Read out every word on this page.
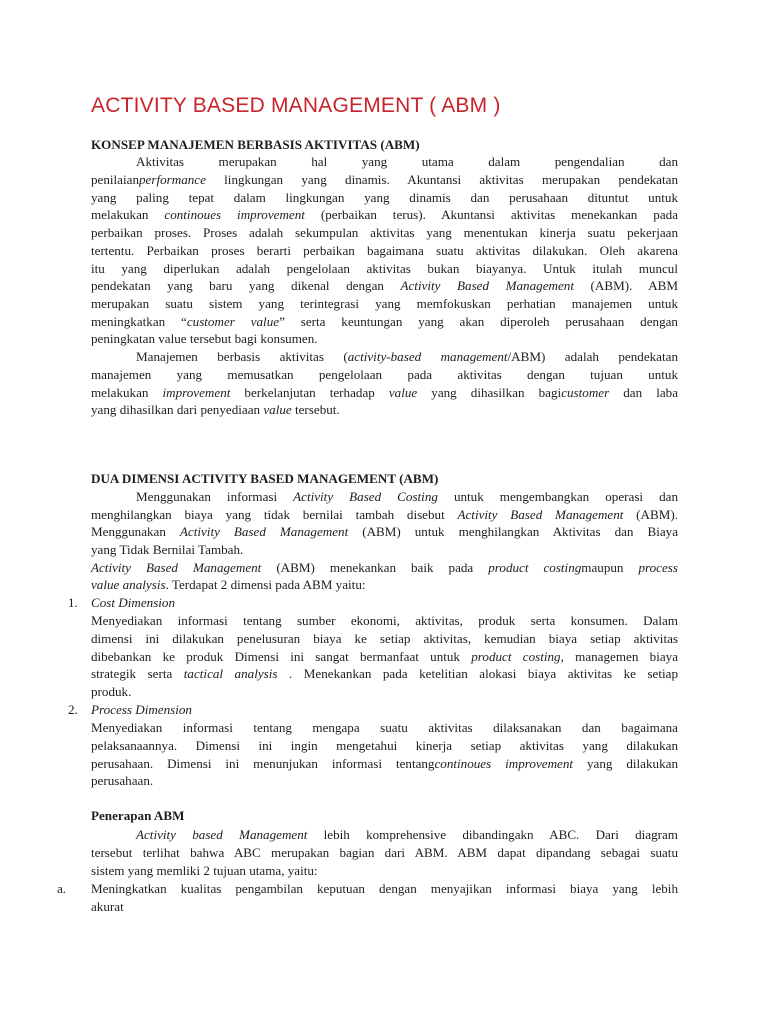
ACTIVITY BASED MANAGEMENT ( ABM )
KONSEP MANAJEMEN BERBASIS AKTIVITAS (ABM)
Aktivitas merupakan hal yang utama dalam pengendalian dan
penilaianperformance lingkungan yang dinamis. Akuntansi aktivitas merupakan pendekatan
yang paling tepat dalam lingkungan yang dinamis dan perusahaan dituntut untuk
melakukan continoues improvement (perbaikan terus). Akuntansi aktivitas menekankan pada
perbaikan proses. Proses adalah sekumpulan aktivitas yang menentukan kinerja suatu pekerjaan
tertentu. Perbaikan proses berarti perbaikan bagaimana suatu aktivitas dilakukan. Oleh akarena
itu yang diperlukan adalah pengelolaan aktivitas bukan biayanya. Untuk itulah muncul
pendekatan yang baru yang dikenal dengan Activity Based Management (ABM). ABM
merupakan suatu sistem yang terintegrasi yang memfokuskan perhatian manajemen untuk
meningkatkan “customer value” serta keuntungan yang akan diperoleh perusahaan dengan
peningkatan value tersebut bagi konsumen.
Manajemen berbasis aktivitas (activity-based management/ABM) adalah pendekatan
manajemen yang memusatkan pengelolaan pada aktivitas dengan tujuan untuk
melakukan improvement berkelanjutan terhadap value yang dihasilkan bagicustomer dan laba
yang dihasilkan dari penyediaan value tersebut.
DUA DIMENSI ACTIVITY BASED MANAGEMENT (ABM)
Menggunakan informasi Activity Based Costing untuk mengembangkan operasi dan
menghilangkan biaya yang tidak bernilai tambah disebut Activity Based Management (ABM).
Menggunakan Activity Based Management (ABM) untuk menghilangkan Aktivitas dan Biaya
yang Tidak Bernilai Tambah.
Activity Based Management (ABM) menekankan baik pada product costingmaupun process
value analysis. Terdapat 2 dimensi pada ABM yaitu:
1. Cost Dimension
Menyediakan informasi tentang sumber ekonomi, aktivitas, produk serta konsumen. Dalam
dimensi ini dilakukan penelusuran biaya ke setiap aktivitas, kemudian biaya setiap aktivitas
dibebankan ke produk Dimensi ini sangat bermanfaat untuk product costing, managemen biaya
strategik serta tactical analysis . Menekankan pada ketelitian alokasi biaya aktivitas ke setiap
produk.
2. Process Dimension
Menyediakan informasi tentang mengapa suatu aktivitas dilaksanakan dan bagaimana
pelaksanaannya. Dimensi ini ingin mengetahui kinerja setiap aktivitas yang dilakukan
perusahaan. Dimensi ini menunjukan informasi tentangcontinoues improvement yang dilakukan
perusahaan.
Penerapan ABM
Activity based Management lebih komprehensive dibandingakn ABC. Dari diagram
tersebut terlihat bahwa ABC merupakan bagian dari ABM. ABM dapat dipandang sebagai suatu
sistem yang memliki 2 tujuan utama, yaitu:
a. Meningkatkan kualitas pengambilan keputuan dengan menyajikan informasi biaya yang lebih
akurat
